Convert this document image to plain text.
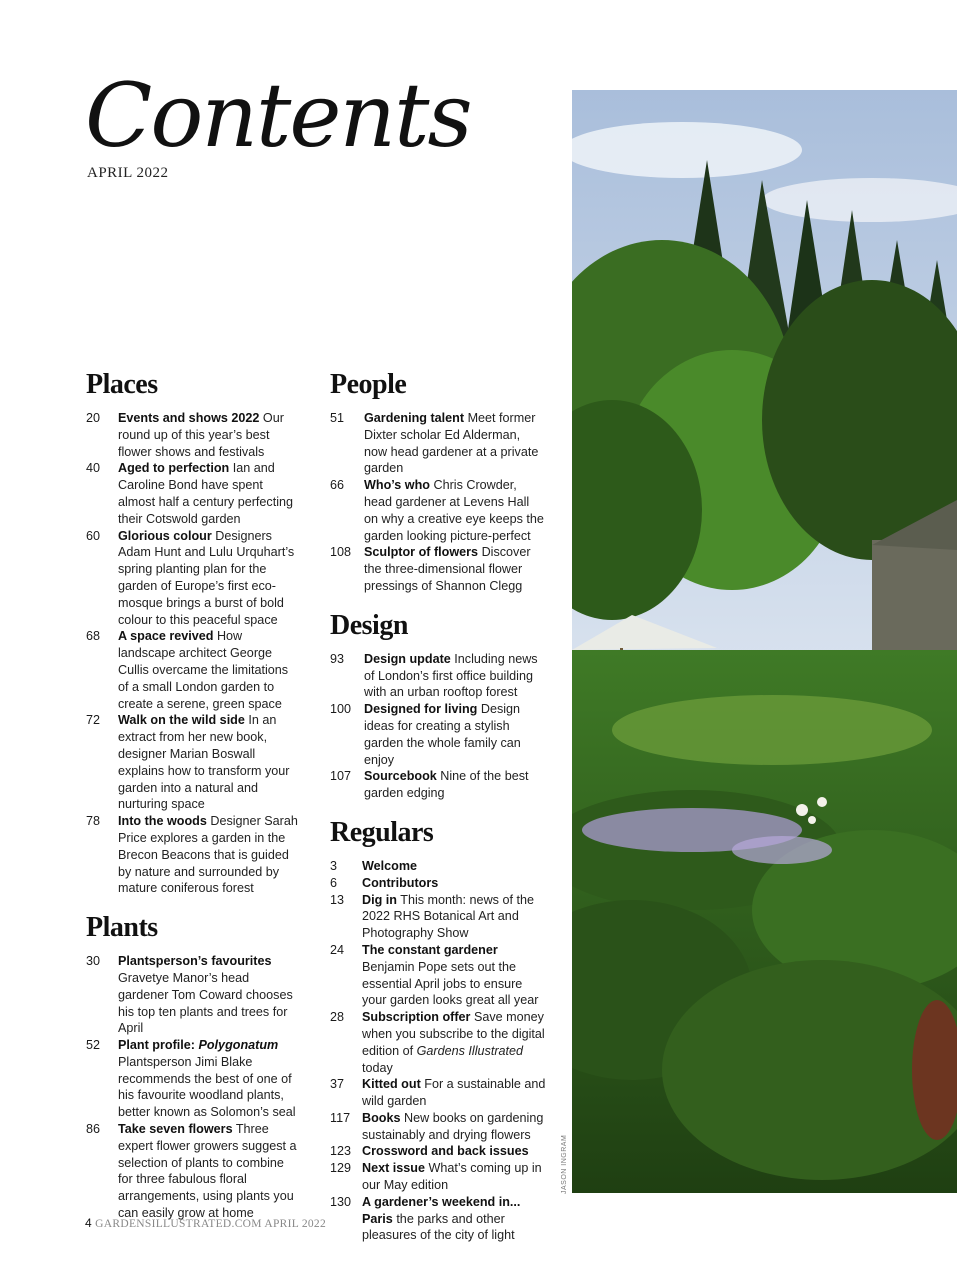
Contents
APRIL 2022
Places
20	Events and shows 2022 Our round up of this year’s best flower shows and festivals
40	Aged to perfection Ian and Caroline Bond have spent almost half a century perfecting their Cotswold garden
60	Glorious colour Designers Adam Hunt and Lulu Urquhart’s spring planting plan for the garden of Europe’s first eco-mosque brings a burst of bold colour to this peaceful space
68	A space revived How landscape architect George Cullis overcame the limitations of a small London garden to create a serene, green space
72	Walk on the wild side In an extract from her new book, designer Marian Boswall explains how to transform your garden into a natural and nurturing space
78	Into the woods Designer Sarah Price explores a garden in the Brecon Beacons that is guided by nature and surrounded by mature coniferous forest
Plants
30	Plantsperson’s favourites Gravetye Manor’s head gardener Tom Coward chooses his top ten plants and trees for April
52	Plant profile: Polygonatum Plantsperson Jimi Blake recommends the best of one of his favourite woodland plants, better known as Solomon’s seal
86	Take seven flowers Three expert flower growers suggest a selection of plants to combine for three fabulous floral arrangements, using plants you can easily grow at home
People
51	Gardening talent Meet former Dixter scholar Ed Alderman, now head gardener at a private garden
66	Who’s who Chris Crowder, head gardener at Levens Hall on why a creative eye keeps the garden looking picture-perfect
108	Sculptor of flowers Discover the three-dimensional flower pressings of Shannon Clegg
Design
93	Design update Including news of London’s first office building with an urban rooftop forest
100	Designed for living Design ideas for creating a stylish garden the whole family can enjoy
107	Sourcebook Nine of the best garden edging
Regulars
3	Welcome
6	Contributors
13	Dig in This month: news of the 2022 RHS Botanical Art and Photography Show
24	The constant gardener Benjamin Pope sets out the essential April jobs to ensure your garden looks great all year
28	Subscription offer Save money when you subscribe to the digital edition of Gardens Illustrated today
37	Kitted out For a sustainable and wild garden
117 Books New books on gardening sustainably and drying flowers
123 Crossword and back issues
129 Next issue What’s coming up in our May edition
130 A gardener’s weekend in... Paris the parks and other pleasures of the city of light
JASON INGRAM
4 GARDENSILLUSTRATED.COM APRIL 2022
